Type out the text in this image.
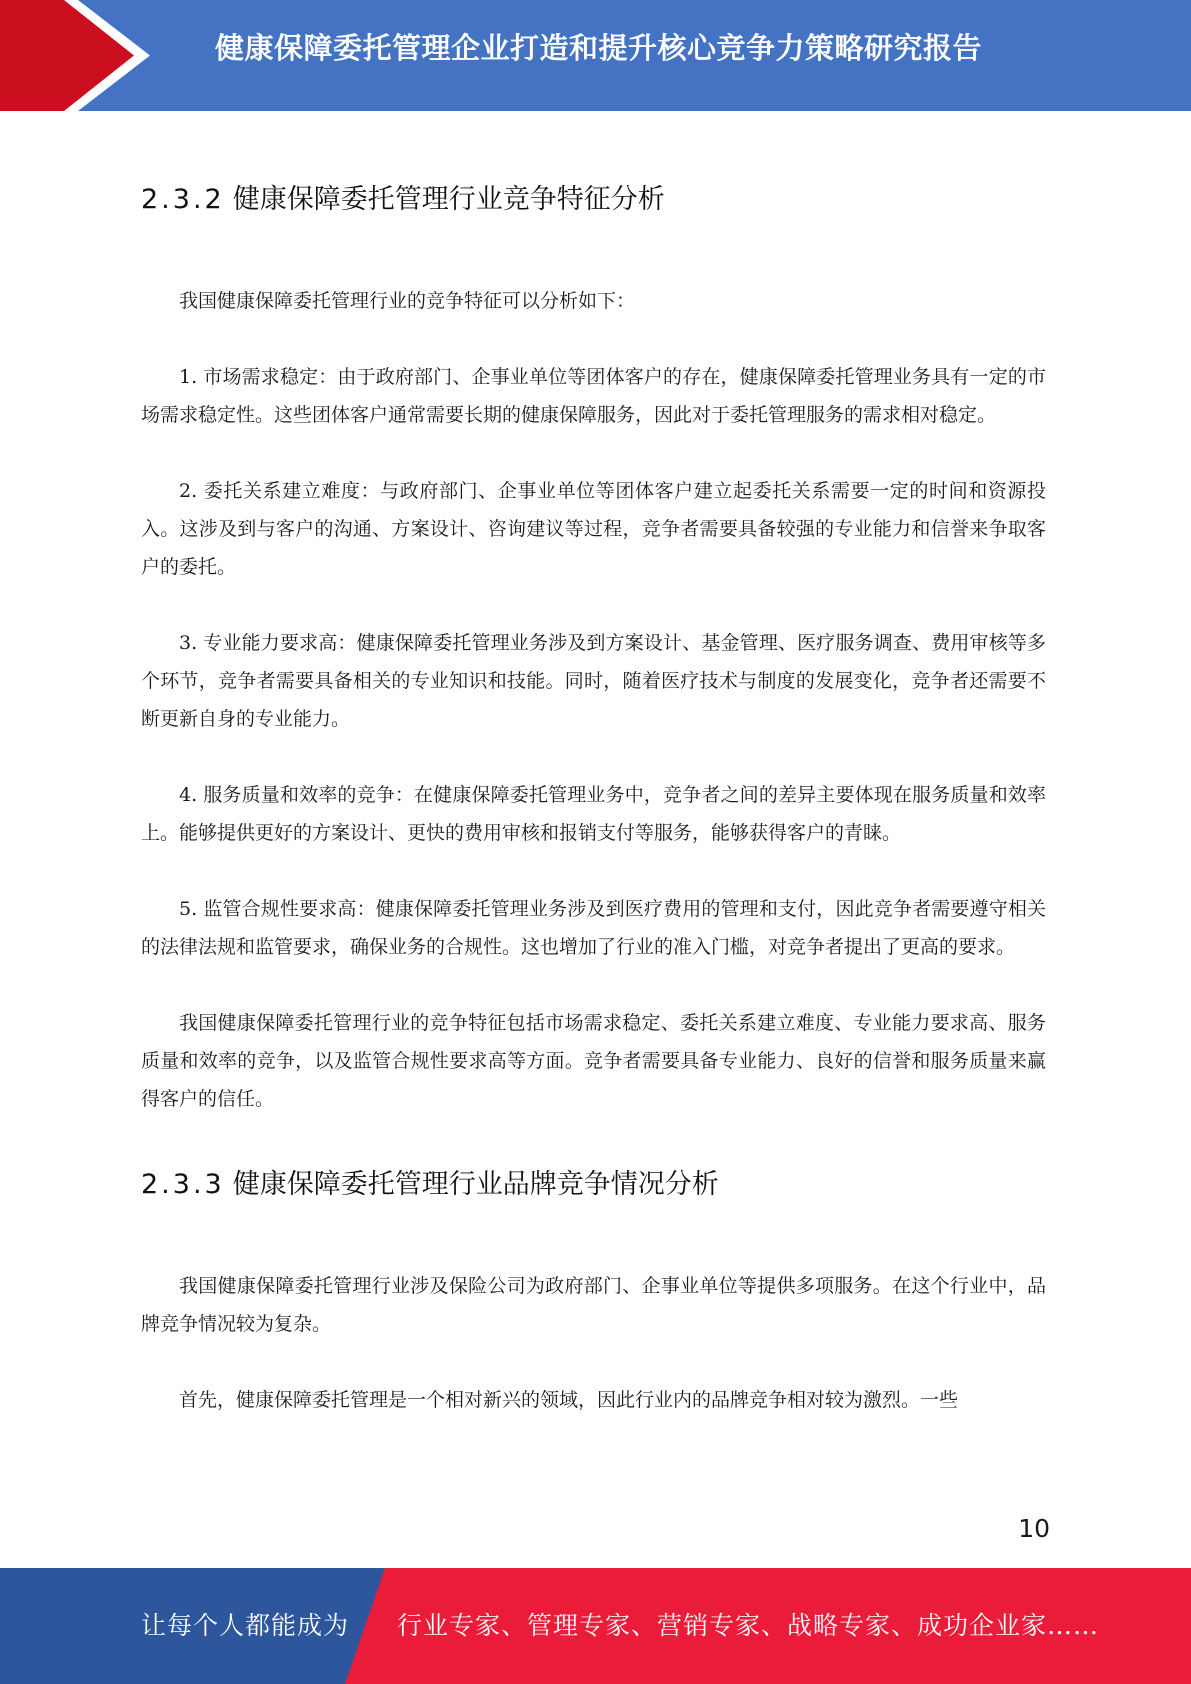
健康保障委托管理企业打造和提升核心竞争力策略研究报告
2.3.2 健康保障委托管理行业竞争特征分析

我国健康保障委托管理行业的竞争特征可以分析如下：

1. 市场需求稳定：由于政府部门、企事业单位等团体客户的存在，健康保障委托管理业务具有一定的市场需求稳定性。这些团体客户通常需要长期的健康保障服务，因此对于委托管理服务的需求相对稳定。

2. 委托关系建立难度：与政府部门、企事业单位等团体客户建立起委托关系需要一定的时间和资源投入。这涉及到与客户的沟通、方案设计、咨询建议等过程，竞争者需要具备较强的专业能力和信誉来争取客户的委托。

3. 专业能力要求高：健康保障委托管理业务涉及到方案设计、基金管理、医疗服务调查、费用审核等多个环节，竞争者需要具备相关的专业知识和技能。同时，随着医疗技术与制度的发展变化，竞争者还需要不断更新自身的专业能力。

4. 服务质量和效率的竞争：在健康保障委托管理业务中，竞争者之间的差异主要体现在服务质量和效率上。能够提供更好的方案设计、更快的费用审核和报销支付等服务，能够获得客户的青睐。

5. 监管合规性要求高：健康保障委托管理业务涉及到医疗费用的管理和支付，因此竞争者需要遵守相关的法律法规和监管要求，确保业务的合规性。这也增加了行业的准入门槛，对竞争者提出了更高的要求。

我国健康保障委托管理行业的竞争特征包括市场需求稳定、委托关系建立难度、专业能力要求高、服务质量和效率的竞争，以及监管合规性要求高等方面。竞争者需要具备专业能力、良好的信誉和服务质量来赢得客户的信任。

2.3.3 健康保障委托管理行业品牌竞争情况分析

我国健康保障委托管理行业涉及保险公司为政府部门、企事业单位等提供多项服务。在这个行业中，品牌竞争情况较为复杂。

首先，健康保障委托管理是一个相对新兴的领域，因此行业内的品牌竞争相对较为激烈。一些

10
让每个人都能成为 行业专家、管理专家、营销专家、战略专家、成功企业家……
